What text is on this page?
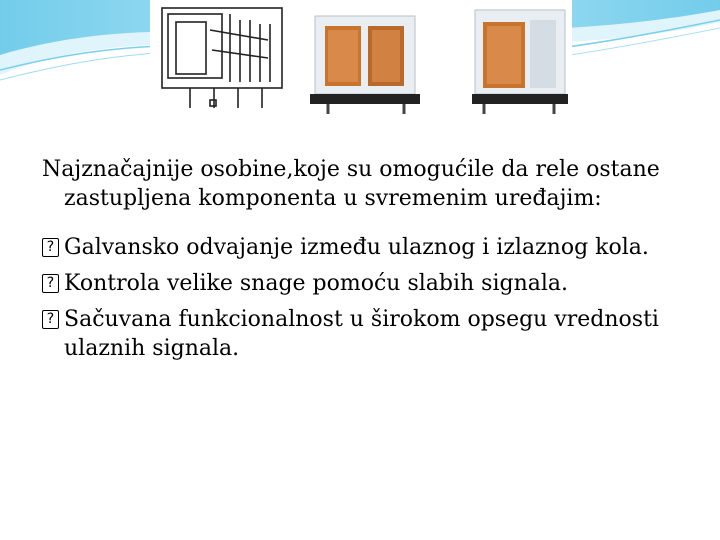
Najznačajnije osobine,koje su omogućile da rele ostane zastupljena komponenta u svremenim uređajim:

? Galvansko odvajanje između ulaznog i izlaznog kola.
? Kontrola velike snage pomoću slabih signala.
? Sačuvana funkcionalnost u širokom opsegu vrednosti ulaznih signala.
